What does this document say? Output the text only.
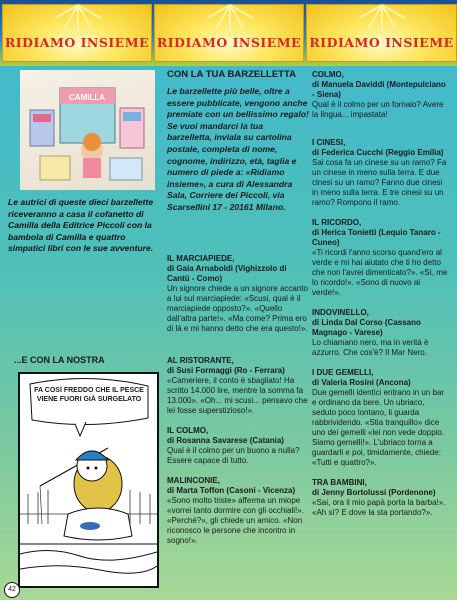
RIDIAMO INSIEME RIDIAMO INSIEME RIDIAMO INSIEME
CAMILLA
Le autrici di queste dieci barzellette riceveranno a casa il cofanetto di Camilla della Editrice Piccoli con la bambola di Camilla e quattro simpatici libri con le sue avventure.
...E CON LA NOSTRA
FA COSÌ FREDDO CHE IL PESCE VIENE FUORI GIÀ SURGELATO
42
CON LA TUA BARZELLETTA
Le barzellette più belle, oltre a essere pubblicate, vengono anche premiate con un bellissimo regalo! Se vuoi mandarci la tua barzelletta, inviala su cartolina postale, completa di nome, cognome, indirizzo, età, taglia e numero di piede a: «Ridiamo insieme», a cura di Alessandra Sala, Corriere dei Piccoli, via Scarsellini 17 - 20161 Milano.
IL MARCIAPIEDE,
di Gaia Arnaboldi (Vighizzolo di Cantù - Como)
Un signore chiede a un signore accanto a lui sul marciapiede: «Scusi, qual è il marciapiede opposto?». «Quello dall'altra parte!». «Ma come? Prima ero di là e mi hanno detto che era questo!».
AL RISTORANTE,
di Susi Formaggi (Ro - Ferrara)
«Cameriere, il conto è sbagliato! Ha scritto 14.000 lire, mentre la somma fa 13.000». «Oh... mi scusi... pensavo che lei fosse superstizioso!».
IL COLMO,
di Rosanna Savarese (Catania)
Qual è il colmo per un buono a nulla? Essere capace di tutto.
MALINCONIE,
di Marta Toffon (Casoni - Vicenza)
«Sono molto triste» afferma un miope «vorrei tanto dormire con gli occhiali!». «Perché?», gli chiede un amico. «Non riconosco le persone che incontro in sogno!».
COLMO,
di Manuela Daviddi (Montepulciano - Siena)
Qual è il colmo per un fornaio? Avere la lingua... impastata!
I CINESI,
di Federica Cucchi (Reggio Emilia)
Sai cosa fa un cinese su un ramo? Fa un cinese in meno sulla terra. E due cinesi su un ramo? Fanno due cinesi in meno sulla terra. E tre cinesi su un ramo? Rompono il ramo.
IL RICORDO,
di Herica Tonietti (Lequio Tanaro - Cuneo)
«Ti ricordi l'anno scorso quand'ero al verde e mi hai aiutato che ti ho detto che non l'avrei dimenticato?». «Sì, me lo ricordo!». «Sono di nuovo al verde!».
INDOVINELLO,
di Linda Dal Corso (Cassano Magnago - Varese)
Lo chiamano nero, ma in verità è azzurro. Che cos'è? Il Mar Nero.
I DUE GEMELLI,
di Valeria Rosini (Ancona)
Due gemelli identici entrano in un bar e ordinano da bere. Un ubriaco, seduto poco lontano, li guarda rabbrividendo. «Stia tranquillo» dice uno dei gemelli «lei non vede doppio. Siamo gemelli!». L'ubriaco torna a guardarli e poi, timidamente, chiede: «Tutti e quattro?».
TRA BAMBINI,
di Jenny Bortolussi (Pordenone)
«Sai, ora il mio papà porta la barba!». «Ah sì? E dove la sta portando?».
